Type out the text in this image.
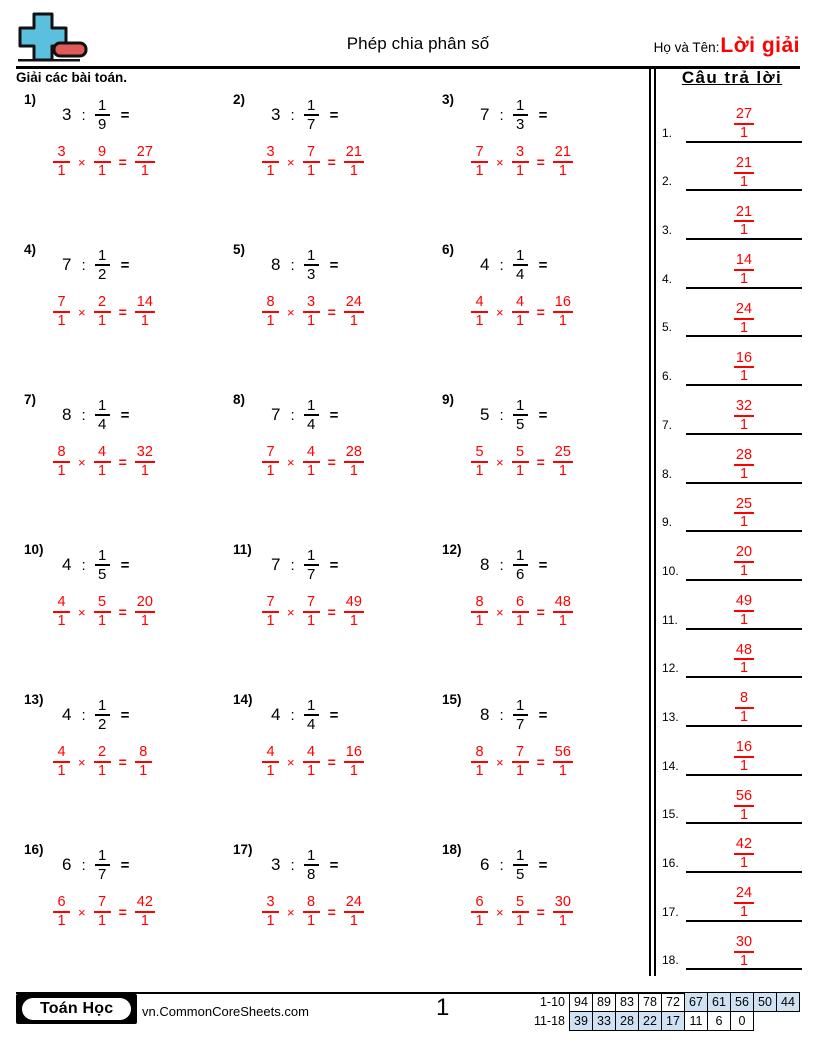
Phép chia phân số	Họ và Tên: Lời giải
Giải các bài toán.
1)
3 : $\frac{1}{9}$ =
$\frac{3}{1} \times \frac{9}{1} = \frac{27}{1}$
2)
3 : $\frac{1}{7}$ =
$\frac{3}{1} \times \frac{7}{1} = \frac{21}{1}$
3)
7 : $\frac{1}{3}$ =
$\frac{7}{1} \times \frac{3}{1} = \frac{21}{1}$
4)
7 : $\frac{1}{2}$ =
$\frac{7}{1} \times \frac{2}{1} = \frac{14}{1}$
5)
8 : $\frac{1}{3}$ =
$\frac{8}{1} \times \frac{3}{1} = \frac{24}{1}$
6)
4 : $\frac{1}{4}$ =
$\frac{4}{1} \times \frac{4}{1} = \frac{16}{1}$
7)
8 : $\frac{1}{4}$ =
$\frac{8}{1} \times \frac{4}{1} = \frac{32}{1}$
8)
7 : $\frac{1}{4}$ =
$\frac{7}{1} \times \frac{4}{1} = \frac{28}{1}$
9)
5 : $\frac{1}{5}$ =
$\frac{5}{1} \times \frac{5}{1} = \frac{25}{1}$
10)
4 : $\frac{1}{5}$ =
$\frac{4}{1} \times \frac{5}{1} = \frac{20}{1}$
11)
7 : $\frac{1}{7}$ =
$\frac{7}{1} \times \frac{7}{1} = \frac{49}{1}$
12)
8 : $\frac{1}{6}$ =
$\frac{8}{1} \times \frac{6}{1} = \frac{48}{1}$
13)
4 : $\frac{1}{2}$ =
$\frac{4}{1} \times \frac{2}{1} = \frac{8}{1}$
14)
4 : $\frac{1}{4}$ =
$\frac{4}{1} \times \frac{4}{1} = \frac{16}{1}$
15)
8 : $\frac{1}{7}$ =
$\frac{8}{1} \times \frac{7}{1} = \frac{56}{1}$
16)
6 : $\frac{1}{7}$ =
$\frac{6}{1} \times \frac{7}{1} = \frac{42}{1}$
17)
3 : $\frac{1}{8}$ =
$\frac{3}{1} \times \frac{8}{1} = \frac{24}{1}$
18)
6 : $\frac{1}{5}$ =
$\frac{6}{1} \times \frac{5}{1} = \frac{30}{1}$
Câu trả lời
1.	$\frac{27}{1}$
2.	$\frac{21}{1}$
3.	$\frac{21}{1}$
4.	$\frac{14}{1}$
5.	$\frac{24}{1}$
6.	$\frac{16}{1}$
7.	$\frac{32}{1}$
8.	$\frac{28}{1}$
9.	$\frac{25}{1}$
10.	$\frac{20}{1}$
11.	$\frac{49}{1}$
12.	$\frac{48}{1}$
13.	$\frac{8}{1}$
14.	$\frac{16}{1}$
15.	$\frac{56}{1}$
16.	$\frac{42}{1}$
17.	$\frac{24}{1}$
18.	$\frac{30}{1}$
Toán Học	vn.CommonCoreSheets.com	1	1-10	94	89	83	78	72	67	61	56	50	44
11-18	39	33	28	22	17	11	6	0		
